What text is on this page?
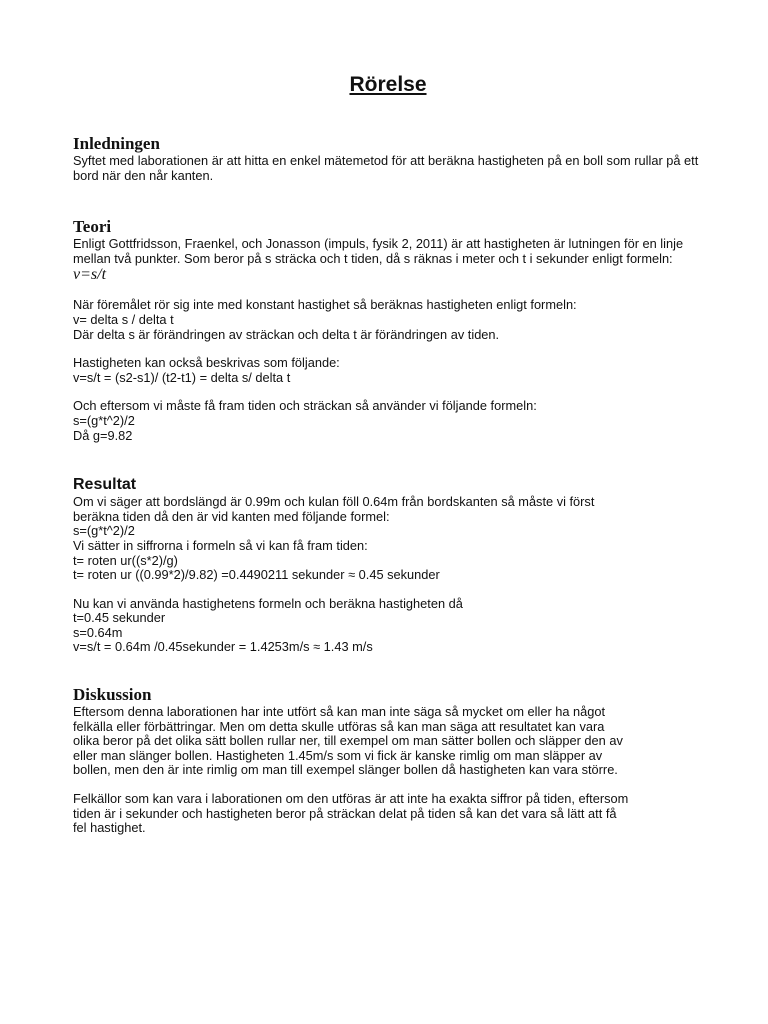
Rörelse
Inledningen

Syftet med laborationen är att hitta en enkel mätemetod för att beräkna hastigheten på en boll som rullar på ett bord när den når kanten.

Teori

Enligt Gottfridsson, Fraenkel, och Jonasson (impuls, fysik 2, 2011) är att hastigheten är lutningen för en linje mellan två punkter. Som beror på s sträcka och t tiden, då s räknas i meter och t i sekunder enligt formeln:

v=s/t
När föremålet rör sig inte med konstant hastighet så beräknas hastigheten enligt formeln:
v= delta s / delta t
Där delta s är förändringen av sträckan och delta t är förändringen av tiden.
Hastigheten kan också beskrivas som följande:
v=s/t = (s2-s1)/ (t2-t1) = delta s/ delta t
Och eftersom vi måste få fram tiden och sträckan så använder vi följande formeln:
s=(g*t^2)/2
Då g=9.82
Resultat
Om vi säger att bordslängd är 0.99m och kulan föll 0.64m från bordskanten så måste vi först
beräkna tiden då den är vid kanten med följande formel:
s=(g*t^2)/2
Vi sätter in siffrorna i formeln så vi kan få fram tiden:
t= roten ur((s*2)/g)
t= roten ur ((0.99*2)/9.82) =0.4490211 sekunder ≈ 0.45 sekunder
Nu kan vi använda hastighetens formeln och beräkna hastigheten då
t=0.45 sekunder
s=0.64m
v=s/t = 0.64m /0.45sekunder = 1.4253m/s ≈ 1.43 m/s
Diskussion
Eftersom denna laborationen har inte utfört så kan man inte säga så mycket om eller ha något
felkälla eller förbättringar. Men om detta skulle utföras så kan man säga att resultatet kan vara
olika beror på det olika sätt bollen rullar ner, till exempel om man sätter bollen och släpper den av
eller man slänger bollen. Hastigheten 1.45m/s som vi fick är kanske rimlig om man släpper av
bollen, men den är inte rimlig om man till exempel slänger bollen då hastigheten kan vara större.
Felkällor som kan vara i laborationen om den utföras är att inte ha exakta siffror på tiden, eftersom
tiden är i sekunder och hastigheten beror på sträckan delat på tiden så kan det vara så lätt att få
fel hastighet.
